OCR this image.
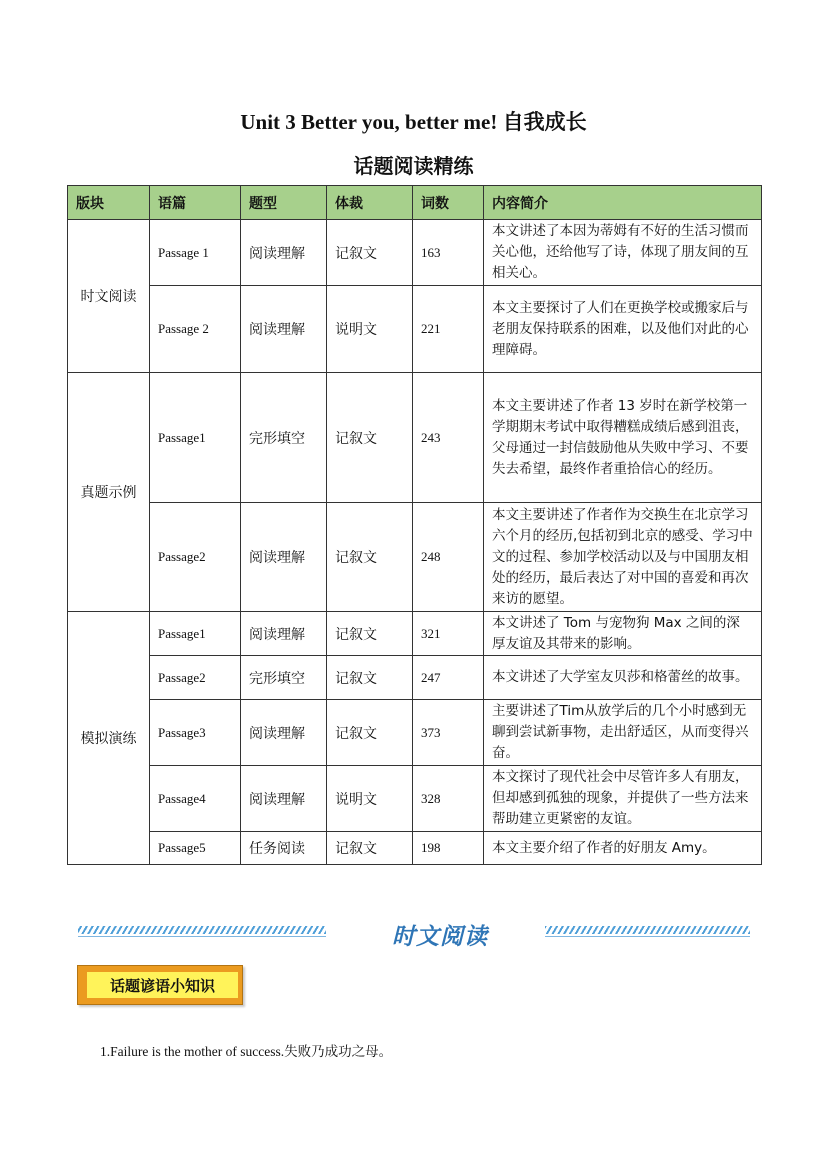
Unit 3 Better you, better me! 自我成长
话题阅读精练
版块	语篇	题型	体裁	词数	内容简介
时文阅读	Passage 1	阅读理解	记叙文	163	本文讲述了本因为蒂姆有不好的生活习惯而关心他，还给他写了诗，体现了朋友间的互相关心。
	Passage 2	阅读理解	说明文	221	本文主要探讨了人们在更换学校或搬家后与老朋友保持联系的困难，以及他们对此的心理障碍。
真题示例	Passage1	完形填空	记叙文	243	本文主要讲述了作者 13 岁时在新学校第一学期期末考试中取得糟糕成绩后感到沮丧，父母通过一封信鼓励他从失败中学习、不要失去希望，最终作者重拾信心的经历。
	Passage2	阅读理解	记叙文	248	本文主要讲述了作者作为交换生在北京学习六个月的经历,包括初到北京的感受、学习中文的过程、参加学校活动以及与中国朋友相处的经历，最后表达了对中国的喜爱和再次来访的愿望。
模拟演练	Passage1	阅读理解	记叙文	321	本文讲述了 Tom 与宠物狗 Max 之间的深厚友谊及其带来的影响。
	Passage2	完形填空	记叙文	247	本文讲述了大学室友贝莎和格蕾丝的故事。
	Passage3	阅读理解	记叙文	373	主要讲述了Tim从放学后的几个小时感到无聊到尝试新事物，走出舒适区，从而变得兴奋。
	Passage4	阅读理解	说明文	328	本文探讨了现代社会中尽管许多人有朋友，但却感到孤独的现象，并提供了一些方法来帮助建立更紧密的友谊。
	Passage5	任务阅读	记叙文	198	本文主要介绍了作者的好朋友 Amy。
时文阅读
话题谚语小知识
1.Failure is the mother of success.失败乃成功之母。
